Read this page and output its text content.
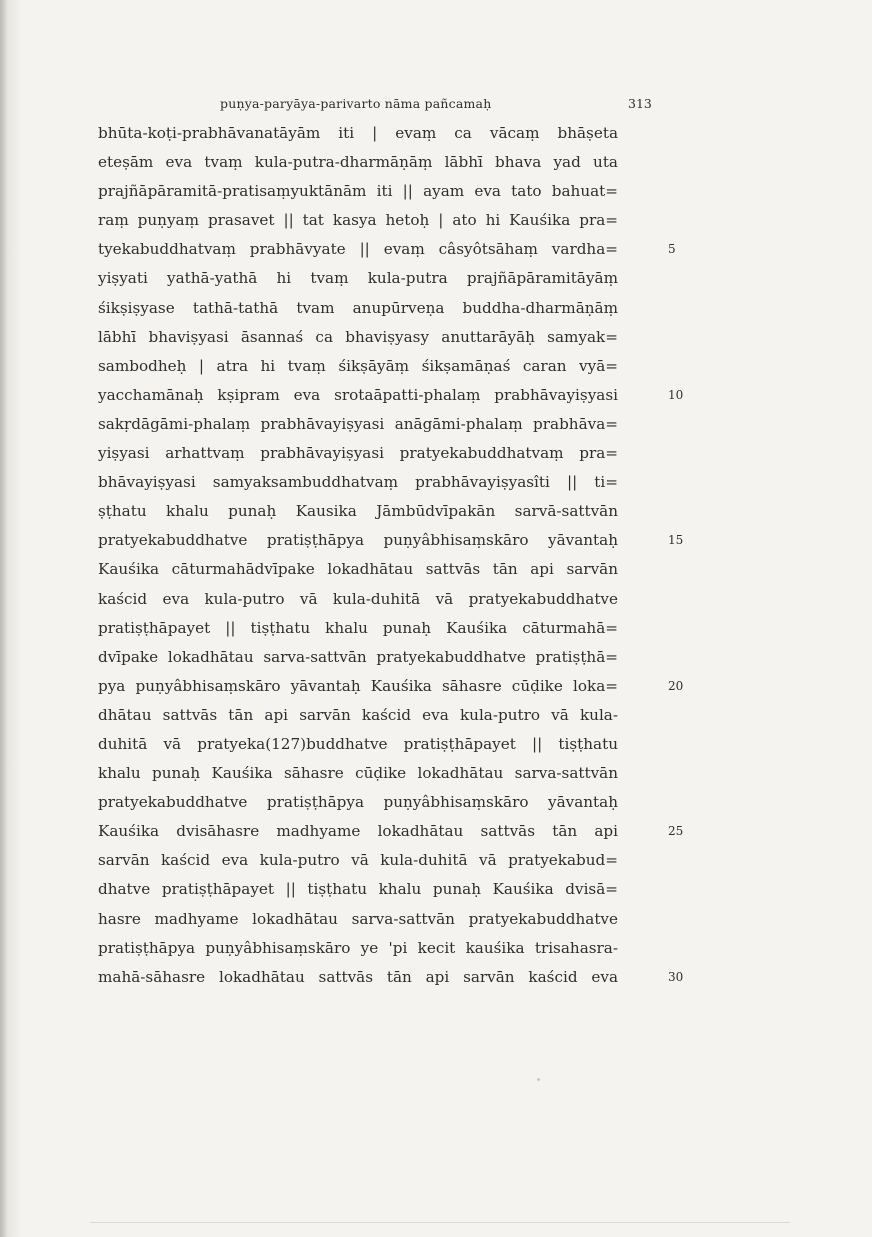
puṇya-paryāya-parivarto nāma pañcamaḥ	313
bhūta-koṭi-prabhāvanatāyām iti | evaṃ ca vācaṃ bhāṣeta
eteṣām eva tvaṃ kula-putra-dharmāṇāṃ lābhī bhava yad uta
prajñāpāramitā-pratisaṃyuktānām iti || ayam eva tato bahuat=
raṃ puṇyaṃ prasavet || tat kasya hetoḥ | ato hi Kauśika pra=
tyekabuddhatvaṃ prabhāvyate || evaṃ câsyôtsāhaṃ vardha=
yiṣyati yathā-yathā hi tvaṃ kula-putra prajñāpāramitāyāṃ
śikṣiṣyase tathā-tathā tvam anupūrveṇa buddha-dharmāṇāṃ
lābhī bhaviṣyasi āsannaś ca bhaviṣyasy anuttarāyāḥ samyak=
sambodheḥ | atra hi tvaṃ śikṣāyāṃ śikṣamāṇaś caran vyā=
yacchamānaḥ kṣipram eva srotaāpatti-phalaṃ prabhāvayiṣyasi
sakṛdāgāmi-phalaṃ prabhāvayiṣyasi anāgāmi-phalaṃ prabhāva=
yiṣyasi arhattvaṃ prabhāvayiṣyasi pratyekabuddhatvaṃ pra=
bhāvayiṣyasi samyaksambuddhatvaṃ prabhāvayiṣyasîti || ti=
ṣṭhatu khalu punaḥ Kausika Jāmbūdvīpakān sarvā-sattvān
pratyekabuddhatve pratiṣṭhāpya puṇyâbhisaṃskāro yāvantaḥ
Kauśika cāturmahādvīpake lokadhātau sattvās tān api sarvān
kaścid eva kula-putro vā kula-duhitā vā pratyekabuddhatve
pratiṣṭhāpayet || tiṣṭhatu khalu punaḥ Kauśika cāturmahā=
dvīpake lokadhātau sarva-sattvān pratyekabuddhatve pratiṣṭhā=
pya puṇyâbhisaṃskāro yāvantaḥ Kauśika sāhasre cūḍike loka=
dhātau sattvās tān api sarvān kaścid eva kula-putro vā kula-
duhitā vā pratyeka(127)buddhatve pratiṣṭhāpayet || tiṣṭhatu
khalu punaḥ Kauśika sāhasre cūḍike lokadhātau sarva-sattvān
pratyekabuddhatve pratiṣṭhāpya puṇyâbhisaṃskāro yāvantaḥ
Kauśika dvisāhasre madhyame lokadhātau sattvās tān api
sarvān kaścid eva kula-putro vā kula-duhitā vā pratyekabud=
dhatve pratiṣṭhāpayet || tiṣṭhatu khalu punaḥ Kauśika dvisā=
hasre madhyame lokadhātau sarva-sattvān pratyekabuddhatve
pratiṣṭhāpya puṇyâbhisaṃskāro ye 'pi kecit kauśika trisahasra-
mahā-sāhasre lokadhātau sattvās tān api sarvān kaścid eva
5
10
15
20
25
30
